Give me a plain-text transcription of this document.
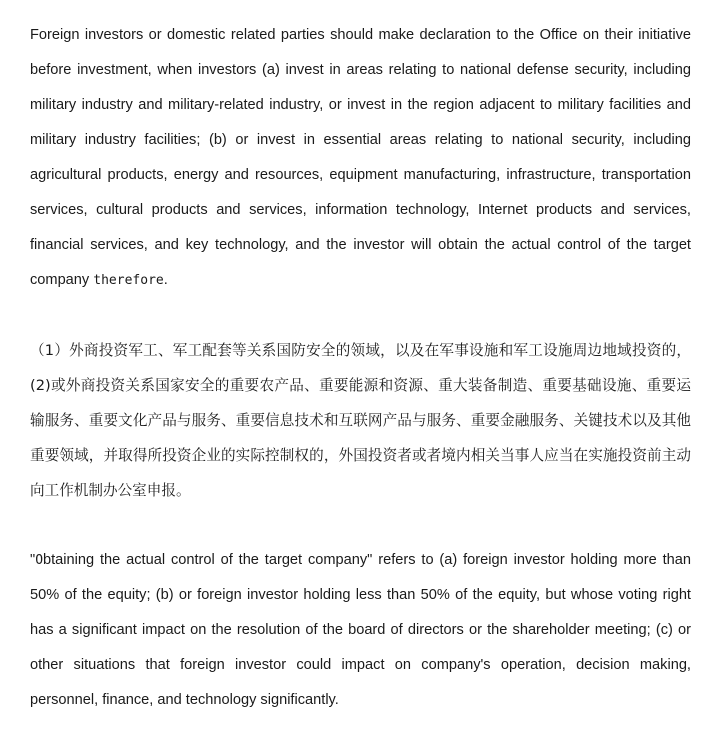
Foreign investors or domestic related parties should make declaration to the Office on their initiative before investment, when investors (a) invest in areas relating to national defense security, including military industry and military-related industry, or invest in the region adjacent to military facilities and military industry facilities; (b) or invest in essential areas relating to national security, including agricultural products, energy and resources, equipment manufacturing, infrastructure, transportation services, cultural products and services, information technology, Internet products and services, financial services, and key technology, and the investor will obtain the actual control of the target company therefore.

（1）外商投资军工、军工配套等关系国防安全的领域，以及在军事设施和军工设施周边地域投资的，(2)或外商投资关系国家安全的重要农产品、重要能源和资源、重大装备制造、重要基础设施、重要运输服务、重要文化产品与服务、重要信息技术和互联网产品与服务、重要金融服务、关键技术以及其他重要领域，并取得所投资企业的实际控制权的，外国投资者或者境内相关当事人应当在实施投资前主动向工作机制办公室申报。

"Obtaining the actual control of the target company" refers to (a) foreign investor holding more than 50% of the equity; (b) or foreign investor holding less than 50% of the equity, but whose voting right has a significant impact on the resolution of the board of directors or the shareholder meeting; (c) or other situations that foreign investor could impact on company's operation, decision making, personnel, finance, and technology significantly.
